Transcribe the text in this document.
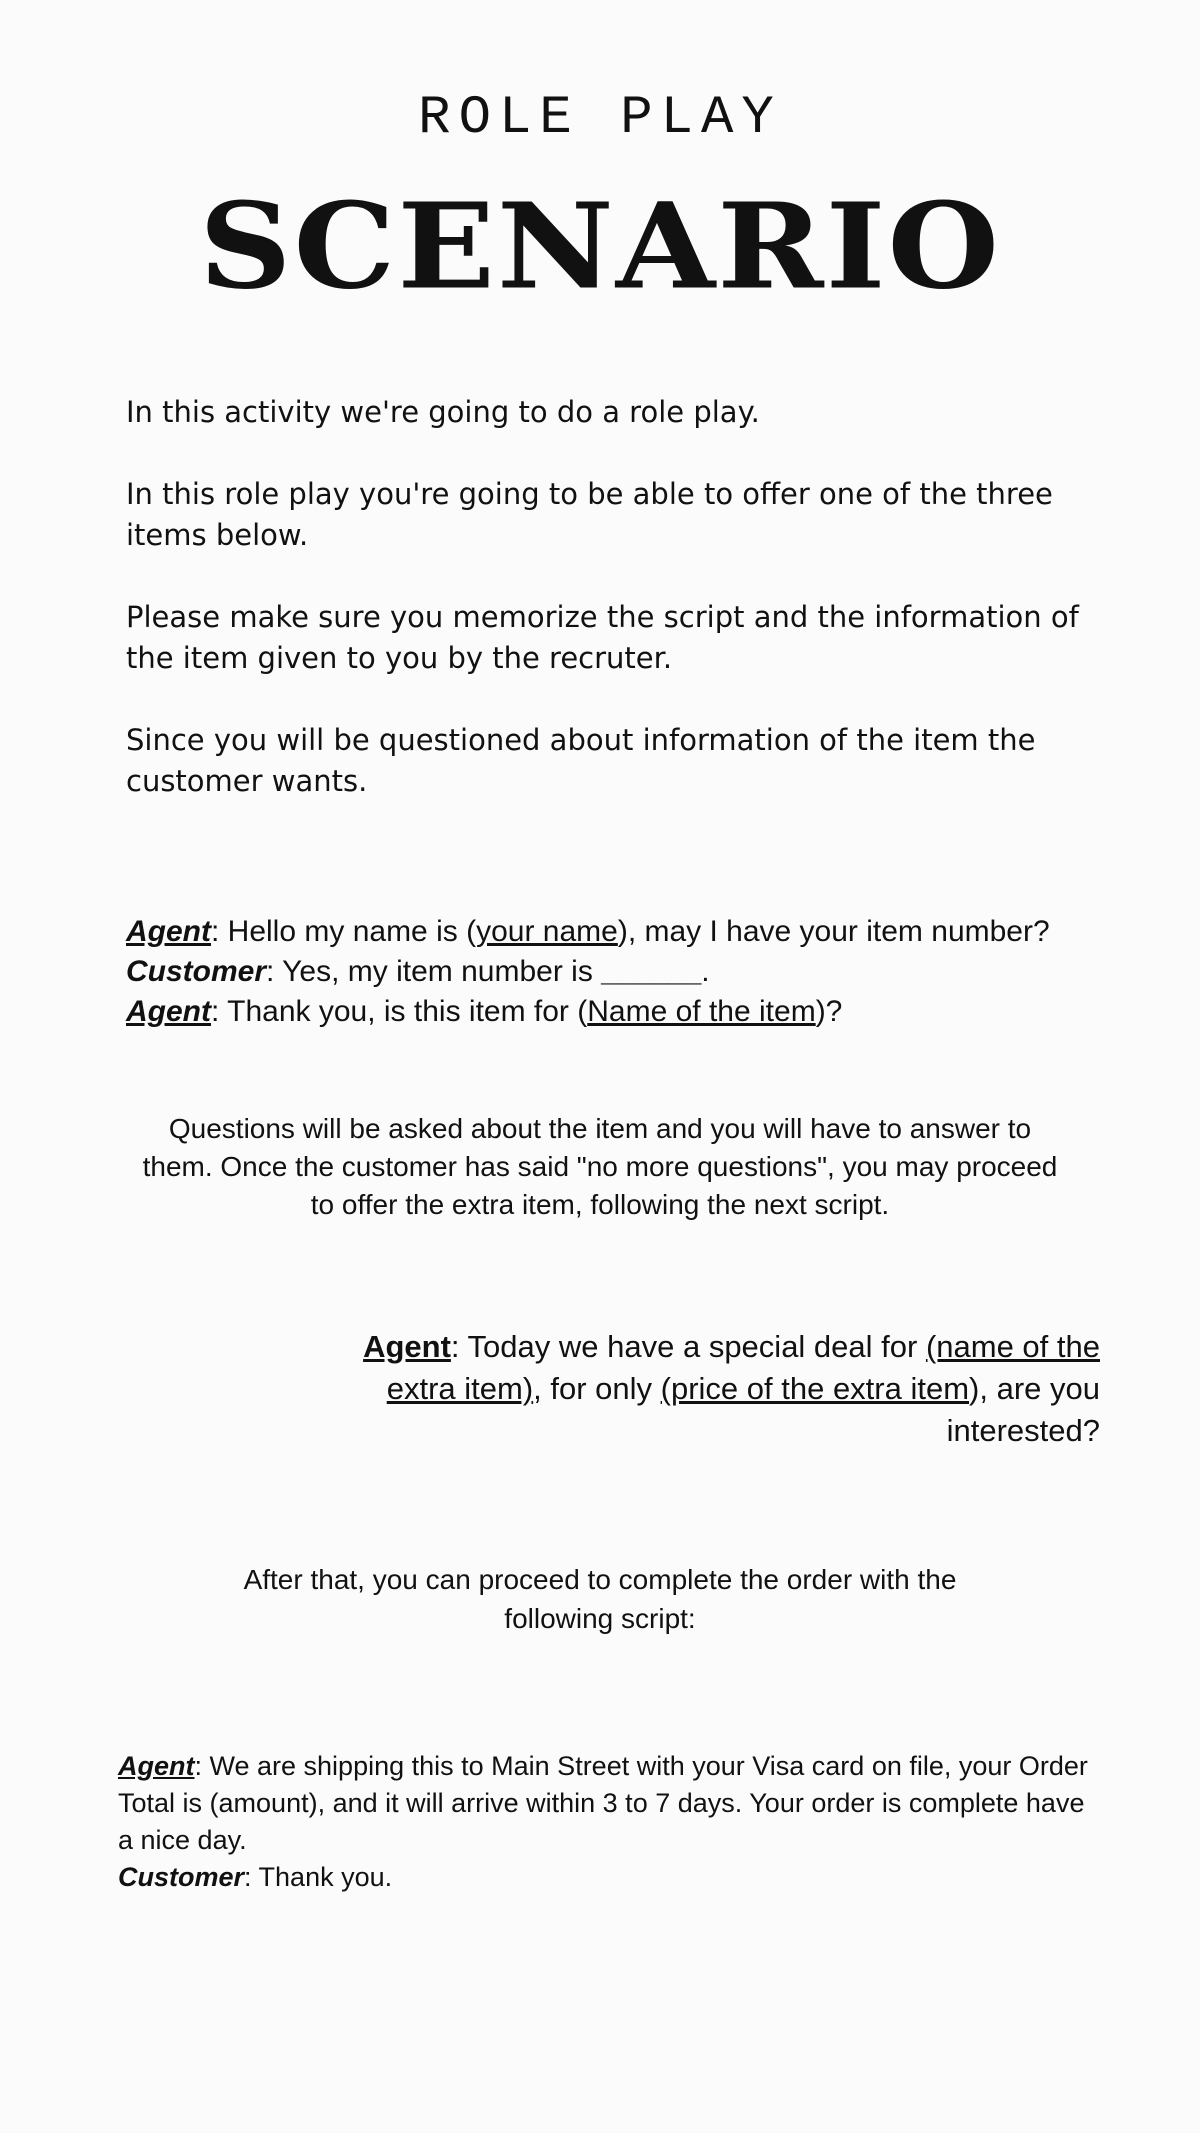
ROLE PLAY
SCENARIO

In this activity we're going to do a role play.

In this role play you're going to be able to offer one of the three items below.

Please make sure you memorize the script and the information of the item given to you by the recruter.

Since you will be questioned about information of the item the customer wants.

Agent: Hello my name is (your name), may I have your item number?
Customer: Yes, my item number is ______.
Agent: Thank you, is this item for (Name of the item)?
Questions will be asked about the item and you will have to answer to them. Once the customer has said "no more questions", you may proceed to offer the extra item, following the next script.
Agent: Today we have a special deal for (name of the extra item), for only (price of the extra item), are you interested?
After that, you can proceed to complete the order with the following script:
Agent: We are shipping this to Main Street with your Visa card on file, your Order Total is (amount), and it will arrive within 3 to 7 days. Your order is complete have a nice day.
Customer: Thank you.
